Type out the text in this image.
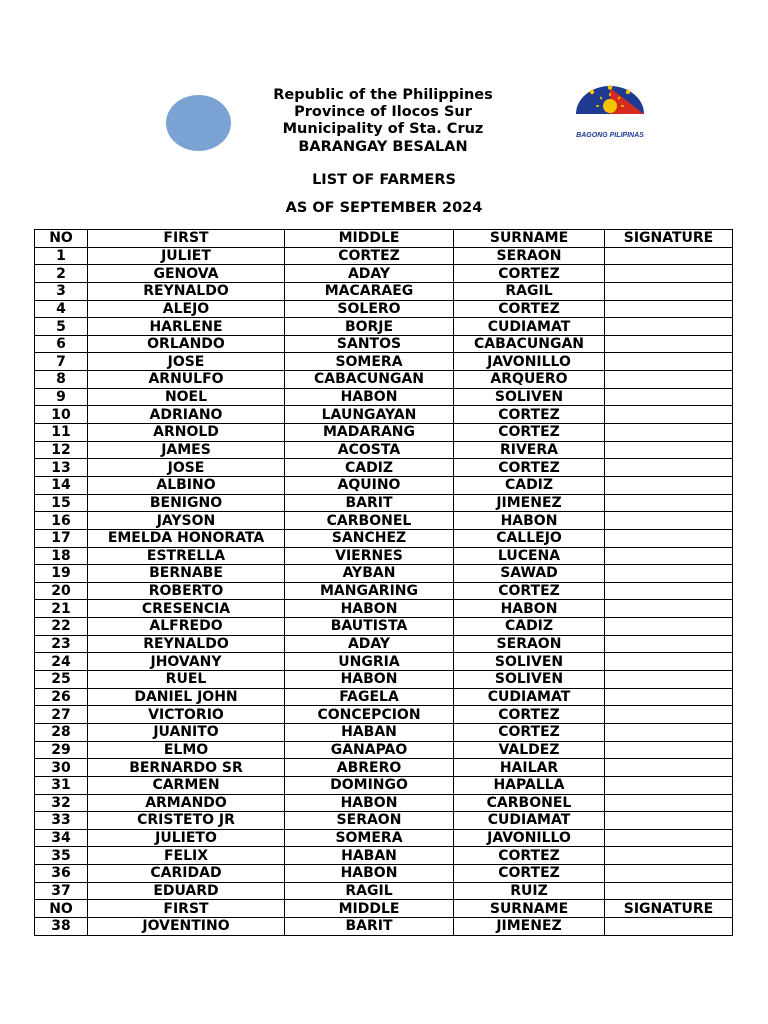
Republic of the Philippines
Province of Ilocos Sur
Municipality of Sta. Cruz
BARANGAY BESALAN
BAGONG PILIPINAS
LIST OF FARMERS
AS OF SEPTEMBER 2024
NO	FIRST	MIDDLE	SURNAME	SIGNATURE
1	JULIET	CORTEZ	SERAON	
2	GENOVA	ADAY	CORTEZ	
3	REYNALDO	MACARAEG	RAGIL	
4	ALEJO	SOLERO	CORTEZ	
5	HARLENE	BORJE	CUDIAMAT	
6	ORLANDO	SANTOS	CABACUNGAN	
7	JOSE	SOMERA	JAVONILLO	
8	ARNULFO	CABACUNGAN	ARQUERO	
9	NOEL	HABON	SOLIVEN	
10	ADRIANO	LAUNGAYAN	CORTEZ	
11	ARNOLD	MADARANG	CORTEZ	
12	JAMES	ACOSTA	RIVERA	
13	JOSE	CADIZ	CORTEZ	
14	ALBINO	AQUINO	CADIZ	
15	BENIGNO	BARIT	JIMENEZ	
16	JAYSON	CARBONEL	HABON	
17	EMELDA HONORATA	SANCHEZ	CALLEJO	
18	ESTRELLA	VIERNES	LUCENA	
19	BERNABE	AYBAN	SAWAD	
20	ROBERTO	MANGARING	CORTEZ	
21	CRESENCIA	HABON	HABON	
22	ALFREDO	BAUTISTA	CADIZ	
23	REYNALDO	ADAY	SERAON	
24	JHOVANY	UNGRIA	SOLIVEN	
25	RUEL	HABON	SOLIVEN	
26	DANIEL JOHN	FAGELA	CUDIAMAT	
27	VICTORIO	CONCEPCION	CORTEZ	
28	JUANITO	HABAN	CORTEZ	
29	ELMO	GANAPAO	VALDEZ	
30	BERNARDO SR	ABRERO	HAILAR	
31	CARMEN	DOMINGO	HAPALLA	
32	ARMANDO	HABON	CARBONEL	
33	CRISTETO JR	SERAON	CUDIAMAT	
34	JULIETO	SOMERA	JAVONILLO	
35	FELIX	HABAN	CORTEZ	
36	CARIDAD	HABON	CORTEZ	
37	EDUARD	RAGIL	RUIZ	
NO	FIRST	MIDDLE	SURNAME	SIGNATURE
38	JOVENTINO	BARIT	JIMENEZ	
